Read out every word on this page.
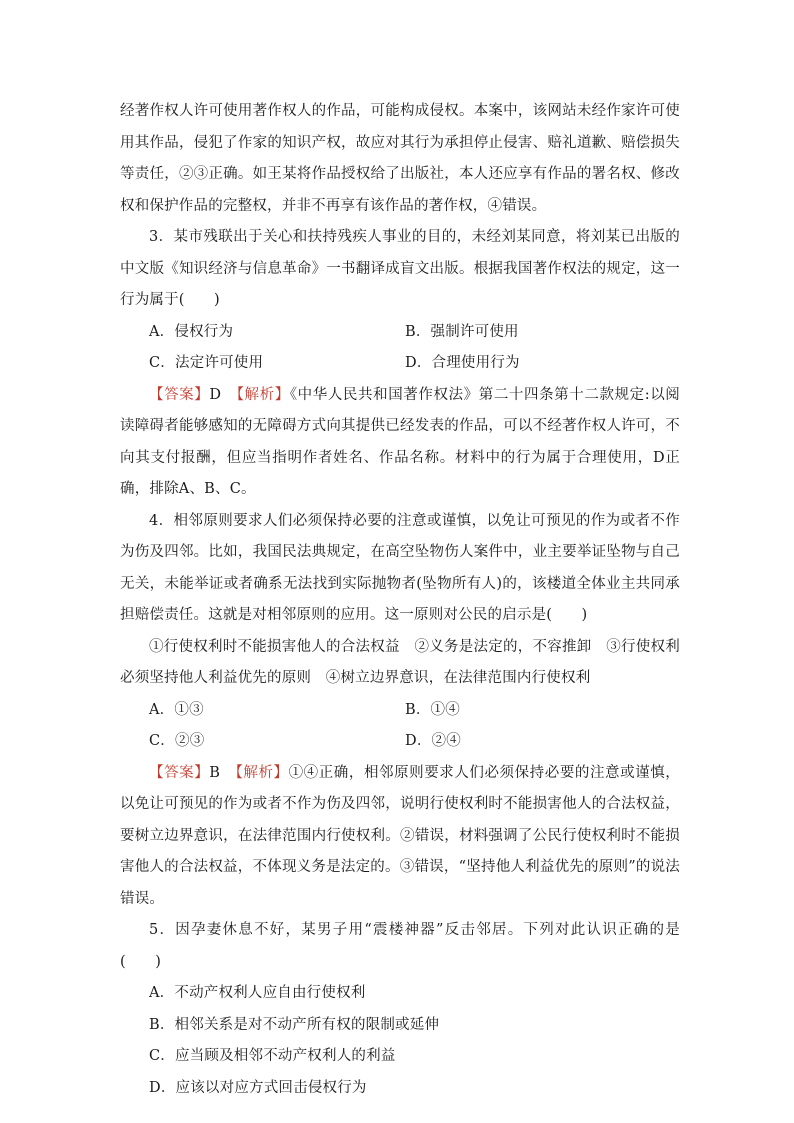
经著作权人许可使用著作权人的作品，可能构成侵权。本案中，该网站未经作家许可使用其作品，侵犯了作家的知识产权，故应对其行为承担停止侵害、赔礼道歉、赔偿损失等责任，②③正确。如王某将作品授权给了出版社，本人还应享有作品的署名权、修改权和保护作品的完整权，并非不再享有该作品的著作权，④错误。

3．某市残联出于关心和扶持残疾人事业的目的，未经刘某同意，将刘某已出版的中文版《知识经济与信息革命》一书翻译成盲文出版。根据我国著作权法的规定，这一行为属于(　　)

A．侵权行为	B．强制许可使用
C．法定许可使用	D．合理使用行为

【答案】D　 【解析】《中华人民共和国著作权法》第二十四条第十二款规定:以阅读障碍者能够感知的无障碍方式向其提供已经发表的作品，可以不经著作权人许可，不向其支付报酬，但应当指明作者姓名、作品名称。材料中的行为属于合理使用，D正确，排除A、B、C。

4．相邻原则要求人们必须保持必要的注意或谨慎，以免让可预见的作为或者不作为伤及四邻。比如，我国民法典规定，在高空坠物伤人案件中，业主要举证坠物与自己无关，未能举证或者确系无法找到实际抛物者(坠物所有人)的，该楼道全体业主共同承担赔偿责任。这就是对相邻原则的应用。这一原则对公民的启示是(　　)

①行使权利时不能损害他人的合法权益　②义务是法定的，不容推卸　③行使权利必须坚持他人利益优先的原则　④树立边界意识，在法律范围内行使权利

A．①③	B．①④
C．②③	D．②④

【答案】B　 【解析】①④正确，相邻原则要求人们必须保持必要的注意或谨慎，以免让可预见的作为或者不作为伤及四邻，说明行使权利时不能损害他人的合法权益，要树立边界意识，在法律范围内行使权利。②错误，材料强调了公民行使权利时不能损害他人的合法权益，不体现义务是法定的。③错误，“坚持他人利益优先的原则”的说法错误。

5．因孕妻休息不好，某男子用“震楼神器”反击邻居。下列对此认识正确的是(　　)

A．不动产权利人应自由行使权利
B．相邻关系是对不动产所有权的限制或延伸
C．应当顾及相邻不动产权利人的利益
D．应该以对应方式回击侵权行为
